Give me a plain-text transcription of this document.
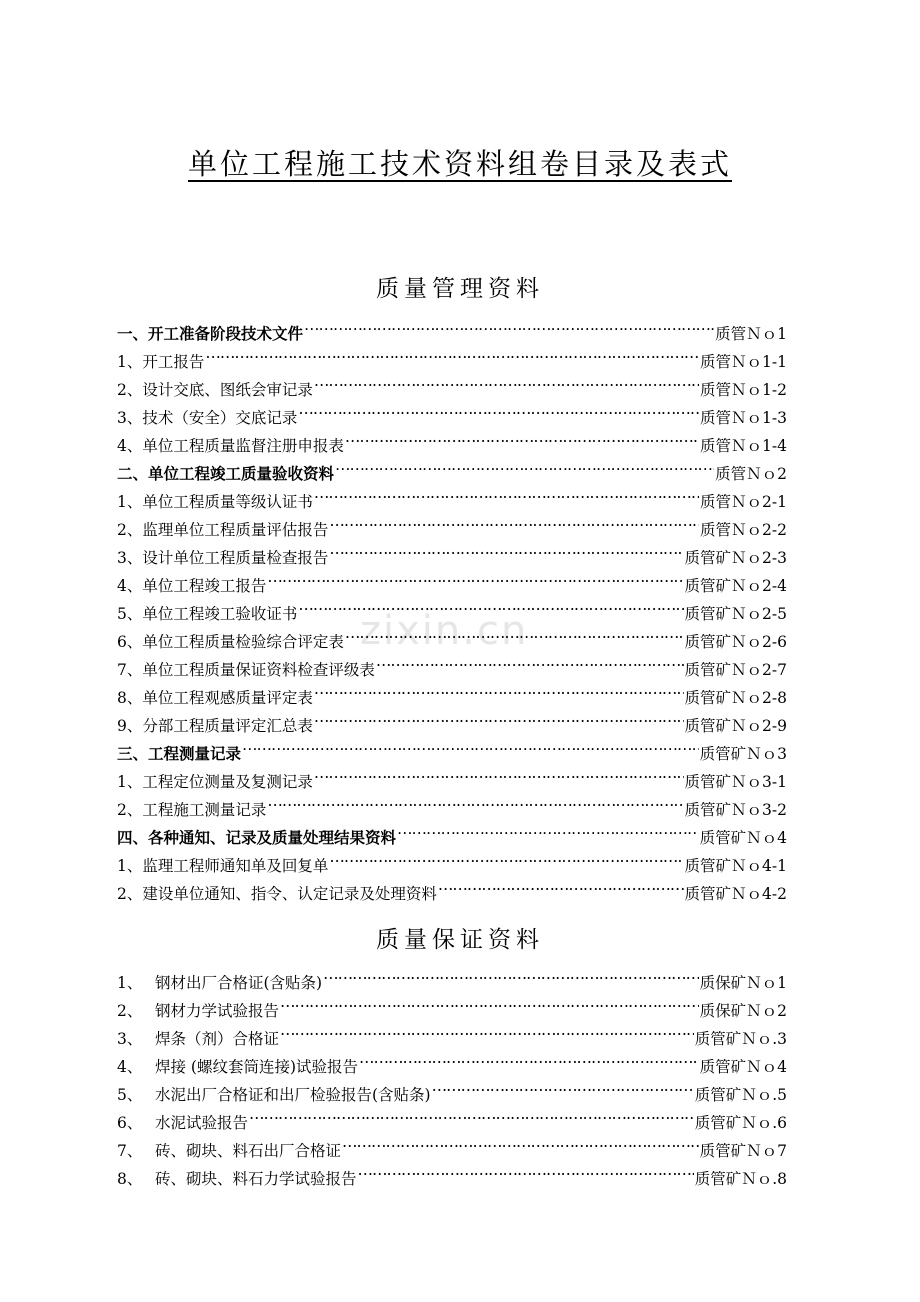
zixin.cn
单位工程施工技术资料组卷目录及表式
质量管理资料
一、开工准备阶段技术文件 ……………………………………………………………………………………………………………………………………………	质管Ｎｏ1
1、开工报告 ……………………………………………………………………………………………………………………………………………	质管Ｎｏ1-1
2、设计交底、图纸会审记录 ……………………………………………………………………………………………………………………………………………	质管Ｎｏ1-2
3、技术（安全）交底记录 ……………………………………………………………………………………………………………………………………………	质管Ｎｏ1-3
4、单位工程质量监督注册申报表 ……………………………………………………………………………………………………………………………………………	质管Ｎｏ1-4
二、单位工程竣工质量验收资料 ……………………………………………………………………………………………………………………………………………	质管Ｎｏ2
1、单位工程质量等级认证书 ……………………………………………………………………………………………………………………………………………	质管Ｎｏ2-1
2、监理单位工程质量评估报告 ……………………………………………………………………………………………………………………………………………	质管Ｎｏ2-2
3、设计单位工程质量检查报告 ……………………………………………………………………………………………………………………………………………	质管矿Ｎｏ2-3
4、单位工程竣工报告 ……………………………………………………………………………………………………………………………………………	质管矿Ｎｏ2-4
5、单位工程竣工验收证书 ……………………………………………………………………………………………………………………………………………	质管矿Ｎｏ2-5
6、单位工程质量检验综合评定表 ……………………………………………………………………………………………………………………………………………	质管矿Ｎｏ2-6
7、单位工程质量保证资料检查评级表 ……………………………………………………………………………………………………………………………………………	质管矿Ｎｏ2-7
8、单位工程观感质量评定表 ……………………………………………………………………………………………………………………………………………	质管矿Ｎｏ2-8
9、分部工程质量评定汇总表 ……………………………………………………………………………………………………………………………………………	质管矿Ｎｏ2-9
三、工程测量记录 ……………………………………………………………………………………………………………………………………………	质管矿Ｎｏ3
1、工程定位测量及复测记录 ……………………………………………………………………………………………………………………………………………	质管矿Ｎｏ3-1
2、工程施工测量记录 ……………………………………………………………………………………………………………………………………………	质管矿Ｎｏ3-2
四、各种通知、记录及质量处理结果资料 ……………………………………………………………………………………………………………………………………………	质管矿Ｎｏ4
1、监理工程师通知单及回复单 ……………………………………………………………………………………………………………………………………………	质管矿Ｎｏ4-1
2、建设单位通知、指令、认定记录及处理资料 ……………………………………………………………………………………………………………………………………………	质管矿Ｎｏ4-2
质量保证资料
1、 钢材出厂合格证(含贴条) ……………………………………………………………………………………………………………………………………………	质保矿Ｎｏ1
2、 钢材力学试验报告 ……………………………………………………………………………………………………………………………………………	质保矿Ｎｏ2
3、 焊条（剂）合格证 ……………………………………………………………………………………………………………………………………………	质管矿Ｎｏ.3
4、 焊接 (螺纹套筒连接)试验报告 ……………………………………………………………………………………………………………………………………………	质管矿Ｎｏ4
5、 水泥出厂合格证和出厂检验报告(含贴条) ……………………………………………………………………………………………………………………………………………	质管矿Ｎｏ.5
6、 水泥试验报告 ……………………………………………………………………………………………………………………………………………	质管矿Ｎｏ.6
7、 砖、砌块、料石出厂合格证 ……………………………………………………………………………………………………………………………………………	质管矿Ｎｏ7
8、 砖、砌块、料石力学试验报告 ……………………………………………………………………………………………………………………………………………	质管矿Ｎｏ.8
